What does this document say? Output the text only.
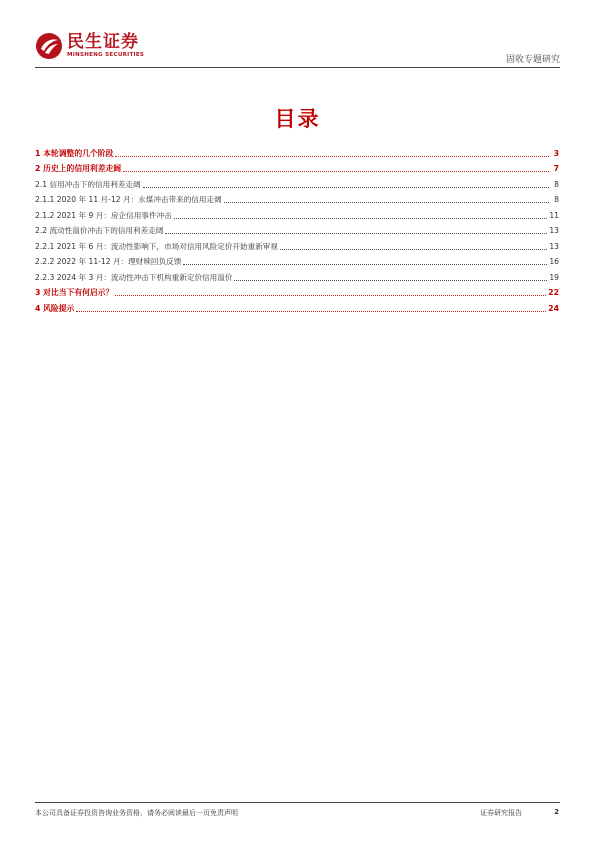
民生证券
MINSHENG SECURITIES	固收专题研究
目录
1 本轮调整的几个阶段	3
2 历史上的信用利差走阔	7
2.1 信用冲击下的信用利差走阔	8
2.1.1 2020 年 11 月-12 月：永煤冲击带来的信用走阔	8
2.1.2 2021 年 9 月：房企信用事件冲击	11
2.2 流动性溢价冲击下的信用利差走阔	13
2.2.1 2021 年 6 月：流动性影响下，市场对信用风险定价开始重新审视	13
2.2.2 2022 年 11-12 月：理财赎回负反馈	16
2.2.3 2024 年 3 月：流动性冲击下机构重新定价信用溢价	19
3 对比当下有何启示？	22
4 风险提示	24
本公司具备证券投资咨询业务资格，请务必阅读最后一页免责声明	证券研究报告	2
